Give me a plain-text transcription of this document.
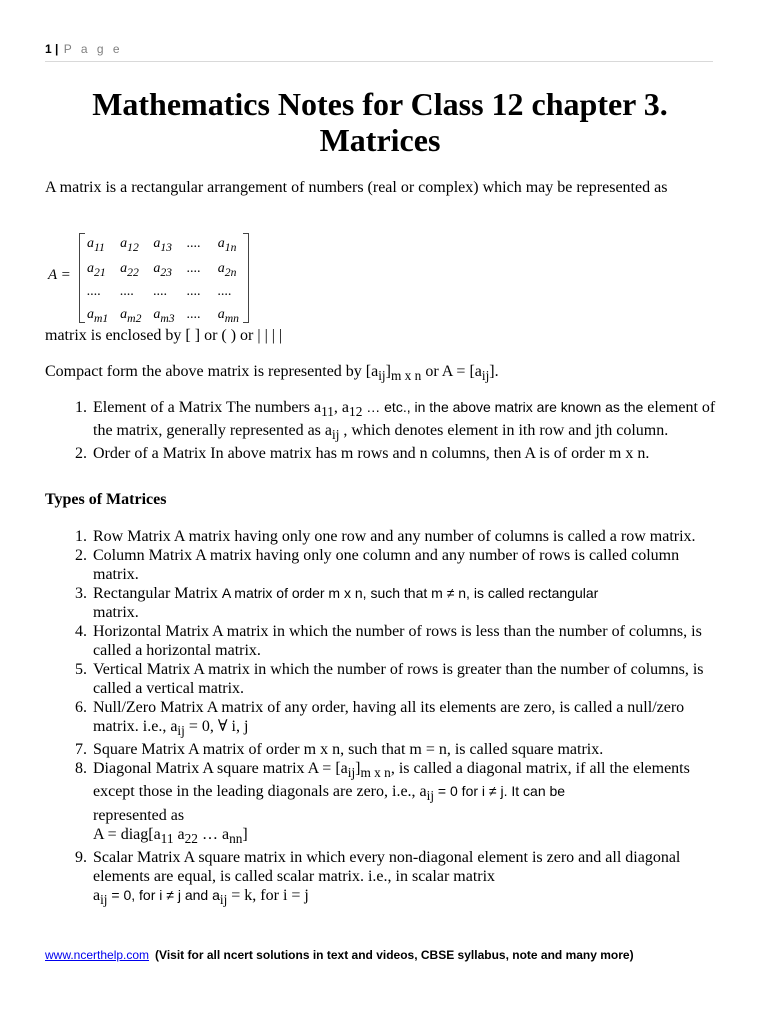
1 | P a g e
Mathematics Notes for Class 12 chapter 3.
Matrices

A matrix is a rectangular arrangement of numbers (real or complex) which may be represented as

A =
$a_{11}$	$a_{12}$	$a_{13}$	....	$a_{1n}$
$a_{21}$	$a_{22}$	$a_{23}$	....	$a_{2n}$
....	....	....	....	....
$a_{m1}$ $a_{m2}$ $a_{m3}$ ....	$a_{mn}$

matrix is enclosed by [ ] or ( ) or | | | |

Compact form the above matrix is represented by $[a_{ij}]_{m x n}$ or $A = [a_{ij}]$.

1. Element of a Matrix The numbers $a_{11}$, $a_{12}$ … etc., in the above matrix are known as the element of the matrix, generally represented as $a_{ij}$ , which denotes element in ith row and jth column.
2. Order of a Matrix In above matrix has m rows and n columns, then A is of order m x n.
Types of Matrices
1. Row Matrix A matrix having only one row and any number of columns is called a row matrix.
2. Column Matrix A matrix having only one column and any number of rows is called column matrix.
3. Rectangular Matrix A matrix of order m x n, such that m ≠ n, is called rectangular
matrix.
4. Horizontal Matrix A matrix in which the number of rows is less than the number of columns, is called a horizontal matrix.
5. Vertical Matrix A matrix in which the number of rows is greater than the number of columns, is called a vertical matrix.
6. Null/Zero Matrix A matrix of any order, having all its elements are zero, is called a null/zero matrix. i.e., $a_{ij} = 0$, ∀ i, j
7. Square Matrix A matrix of order m x n, such that m = n, is called square matrix.
8. Diagonal Matrix A square matrix $A = [a_{ij}]_{m x n}$, is called a diagonal matrix, if all the elements except those in the leading diagonals are zero, i.e., $a_{ij} = 0$ for i ≠ j. It can be
represented as
$A = diag[a_{11}$ $a_{22}$ … $a_{nn}$]
9. Scalar Matrix A square matrix in which every non-diagonal element is zero and all diagonal elements are equal, is called scalar matrix. i.e., in scalar matrix
$a_{ij} = 0$, for i ≠ j and $a_{ij} = k$, for i = j
www.ncerthelp.com (Visit for all ncert solutions in text and videos, CBSE syllabus, note and many more)
